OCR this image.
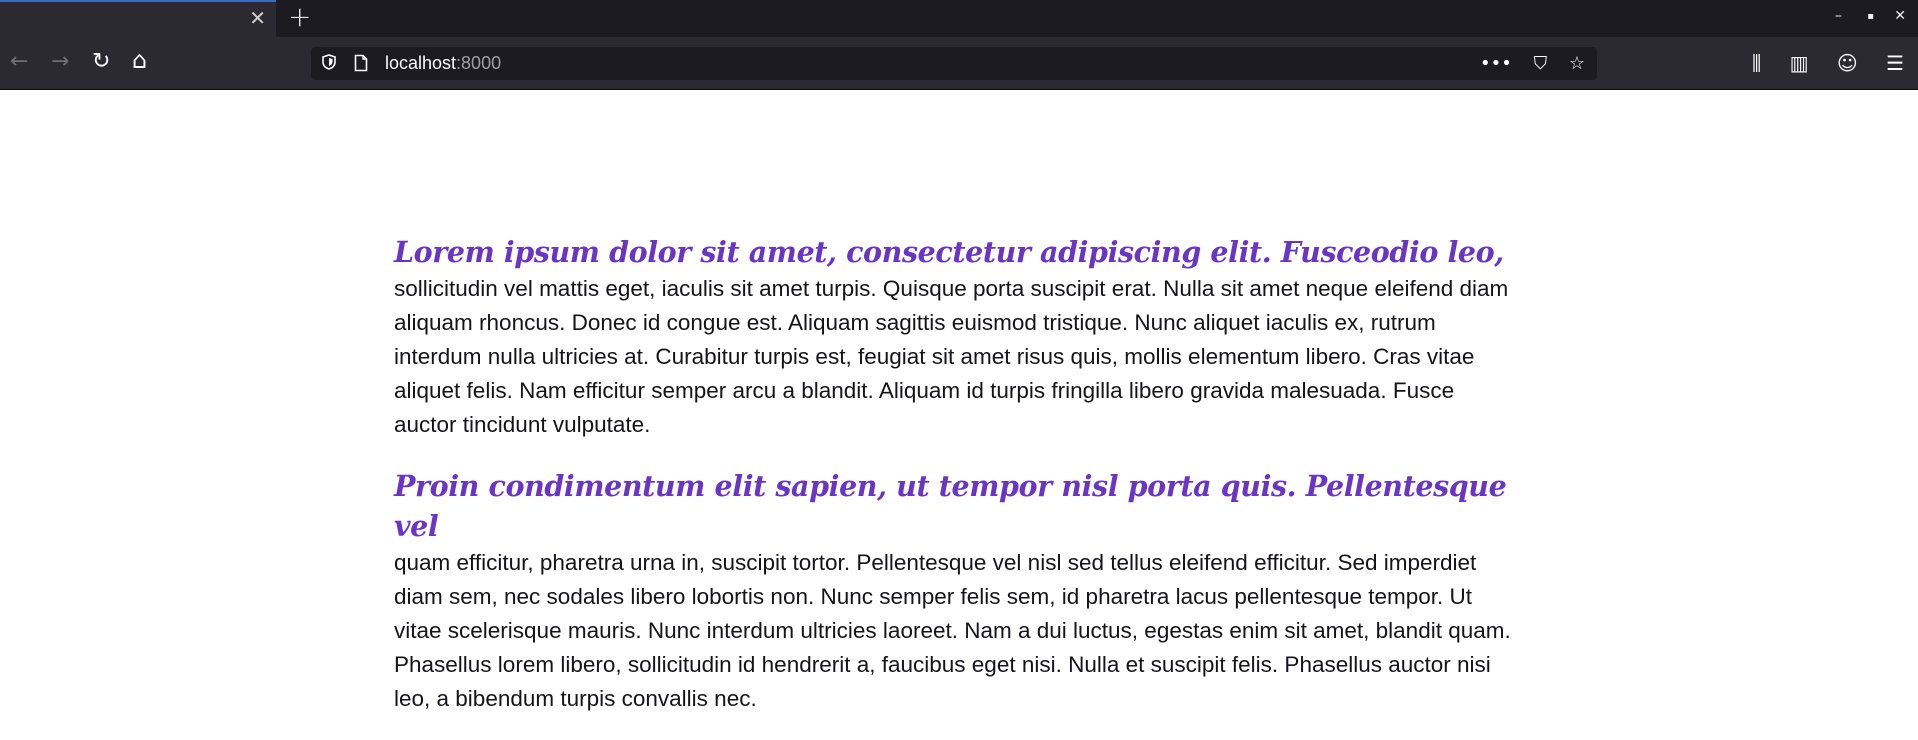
✕ +	–	▪ ✕
← → ↻ ⌂	localhost:8000	••• ⛉ ☆	⫼ ▥ ☺ ☰

Lorem ipsum dolor sit amet, consectetur adipiscing elit. Fusceodio leo,
sollicitudin vel mattis eget, iaculis sit amet turpis. Quisque porta suscipit erat. Nulla sit amet neque eleifend diam aliquam rhoncus. Donec id congue est. Aliquam sagittis euismod tristique. Nunc aliquet iaculis ex, rutrum interdum nulla ultricies at. Curabitur turpis est, feugiat sit amet risus quis, mollis elementum libero. Cras vitae aliquet felis. Nam efficitur semper arcu a blandit. Aliquam id turpis fringilla libero gravida malesuada. Fusce auctor tincidunt vulputate.

Proin condimentum elit sapien, ut tempor nisl porta quis. Pellentesque vel
quam efficitur, pharetra urna in, suscipit tortor. Pellentesque vel nisl sed tellus eleifend efficitur. Sed imperdiet diam sem, nec sodales libero lobortis non. Nunc semper felis sem, id pharetra lacus pellentesque tempor. Ut vitae scelerisque mauris. Nunc interdum ultricies laoreet. Nam a dui luctus, egestas enim sit amet, blandit quam. Phasellus lorem libero, sollicitudin id hendrerit a, faucibus eget nisi. Nulla et suscipit felis. Phasellus auctor nisi leo, a bibendum turpis convallis nec.
